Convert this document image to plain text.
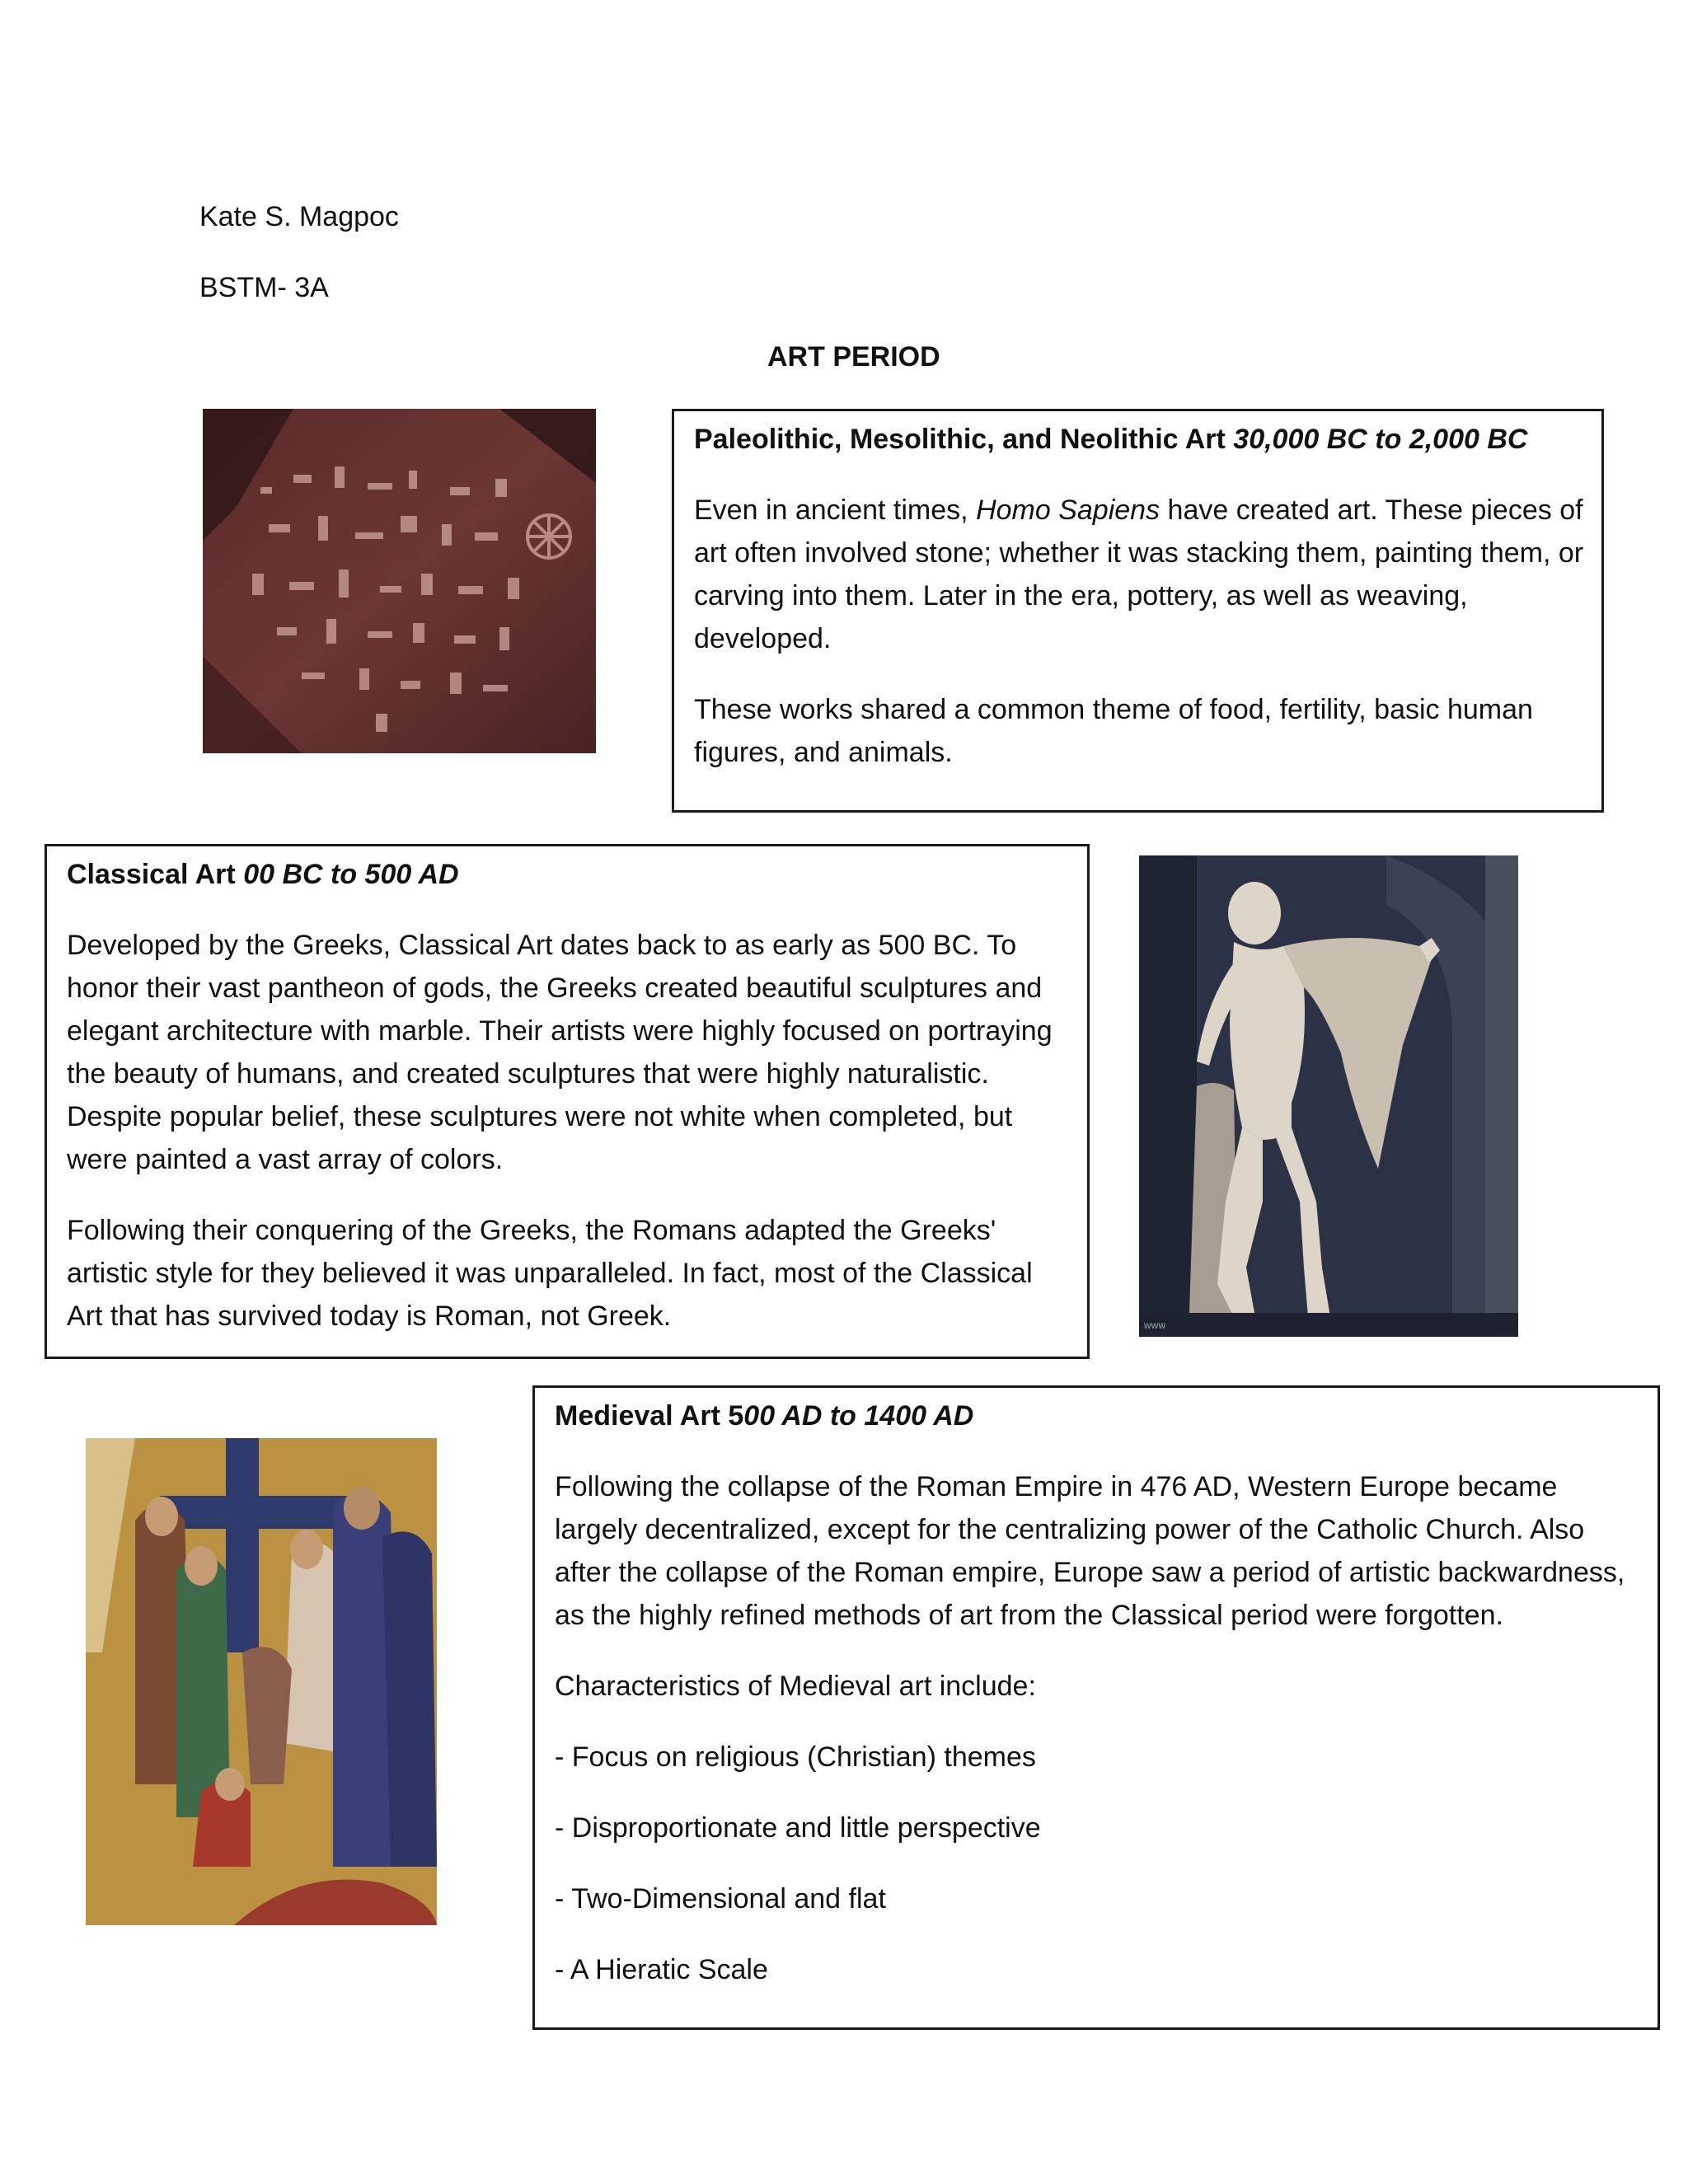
Kate S. Magpoc
BSTM- 3A
ART PERIOD
Paleolithic, Mesolithic, and Neolithic Art 30,000 BC to 2,000 BC

Even in ancient times, Homo Sapiens have created art. These pieces of art often involved stone; whether it was stacking them, painting them, or carving into them. Later in the era, pottery, as well as weaving, developed.

These works shared a common theme of food, fertility, basic human figures, and animals.

Classical Art 00 BC to 500 AD

Developed by the Greeks, Classical Art dates back to as early as 500 BC. To honor their vast pantheon of gods, the Greeks created beautiful sculptures and elegant architecture with marble. Their artists were highly focused on portraying the beauty of humans, and created sculptures that were highly naturalistic. Despite popular belief, these sculptures were not white when completed, but were painted a vast array of colors.

Following their conquering of the Greeks, the Romans adapted the Greeks' artistic style for they believed it was unparalleled. In fact, most of the Classical Art that has survived today is Roman, not Greek.	www
Medieval Art 500 AD to 1400 AD

Following the collapse of the Roman Empire in 476 AD, Western Europe became largely decentralized, except for the centralizing power of the Catholic Church. Also after the collapse of the Roman empire, Europe saw a period of artistic backwardness, as the highly refined methods of art from the Classical period were forgotten.

Characteristics of Medieval art include:

- Focus on religious (Christian) themes
- Disproportionate and little perspective
- Two-Dimensional and flat
- A Hieratic Scale
